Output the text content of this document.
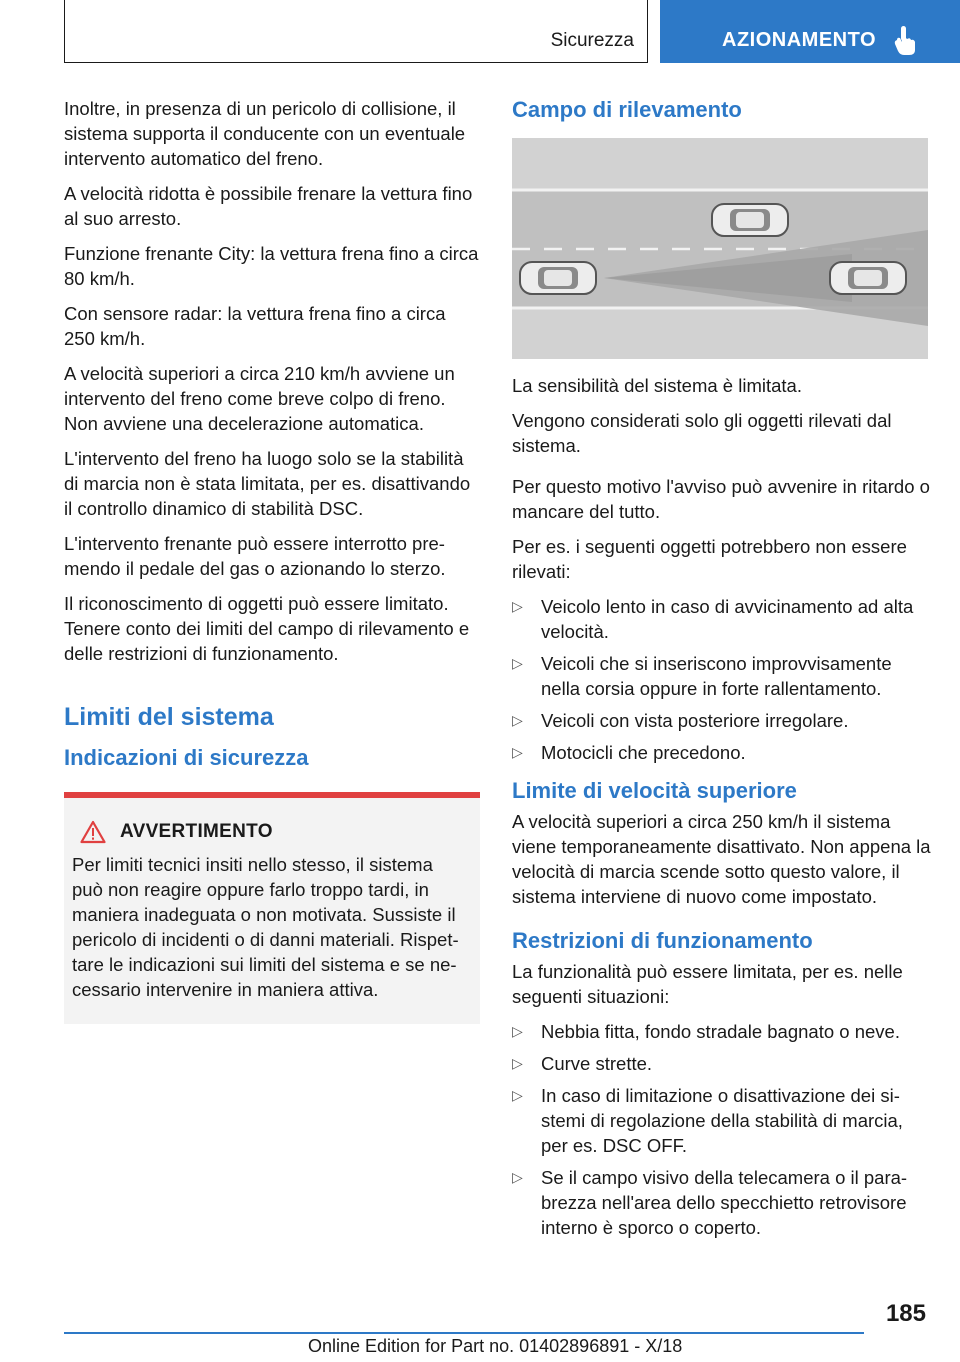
Sicurezza	AZIONAMENTO

Inoltre, in presenza di un pericolo di collisione, il sistema supporta il conducente con un eventuale intervento automatico del freno.

A velocità ridotta è possibile frenare la vettura fino al suo arresto.

Funzione frenante City: la vettura frena fino a circa 80 km/h.

Con sensore radar: la vettura frena fino a circa 250 km/h.

A velocità superiori a circa 210 km/h avviene un intervento del freno come breve colpo di freno. Non avviene una decelerazione automatica.

L'intervento del freno ha luogo solo se la stabilità di marcia non è stata limitata, per es. disattivando il controllo dinamico di stabilità DSC.

L'intervento frenante può essere interrotto premendo il pedale del gas o azionando lo sterzo.

Il riconoscimento di oggetti può essere limitato. Tenere conto dei limiti del campo di rilevamento e delle restrizioni di funzionamento.

Limiti del sistema
Indicazioni di sicurezza
AVVERTIMENTO

Per limiti tecnici insiti nello stesso, il sistema può non reagire oppure farlo troppo tardi, in maniera inadeguata o non motivata. Sussiste il pericolo di incidenti o di danni materiali. Rispettare le indicazioni sui limiti del sistema e se necessario intervenire in maniera attiva.

Campo di rilevamento

La sensibilità del sistema è limitata.

Vengono considerati solo gli oggetti rilevati dal sistema.

Per questo motivo l'avviso può avvenire in ritardo o mancare del tutto.

Per es. i seguenti oggetti potrebbero non essere rilevati:

▷ Veicolo lento in caso di avvicinamento ad alta velocità.
▷ Veicoli che si inseriscono improvvisamente nella corsia oppure in forte rallentamento.
▷ Veicoli con vista posteriore irregolare.
▷ Motocicli che precedono.
Limite di velocità superiore

A velocità superiori a circa 250 km/h il sistema viene temporaneamente disattivato. Non appena la velocità di marcia scende sotto questo valore, il sistema interviene di nuovo come impostato.

Restrizioni di funzionamento

La funzionalità può essere limitata, per es. nelle seguenti situazioni:

▷ Nebbia fitta, fondo stradale bagnato o neve.
▷ Curve strette.
▷ In caso di limitazione o disattivazione dei sistemi di regolazione della stabilità di marcia, per es. DSC OFF.
▷ Se il campo visivo della telecamera o il parabrezza nell'area dello specchietto retrovisore interno è sporco o coperto.
185
Online Edition for Part no. 01402896891 - X/18
